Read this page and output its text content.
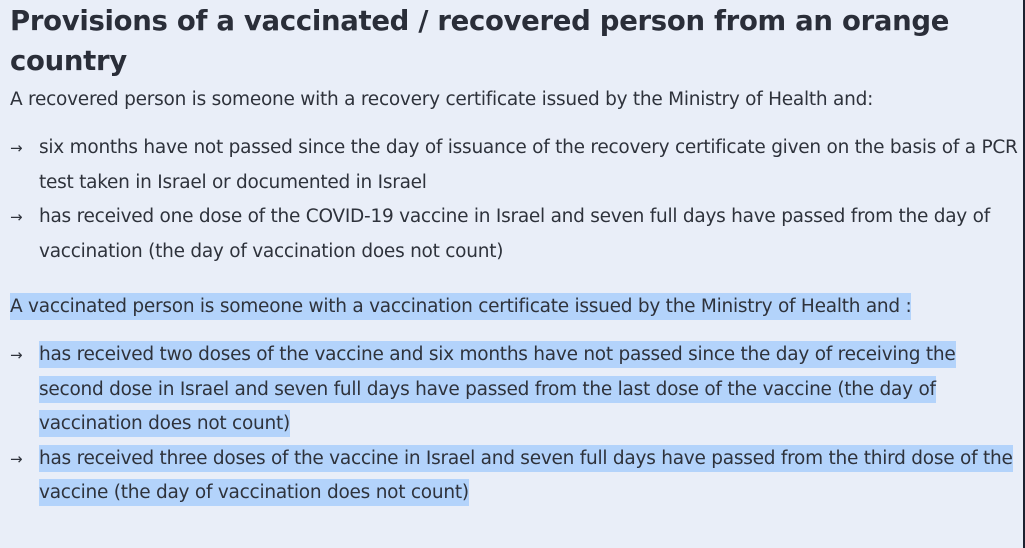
Provisions of a vaccinated / recovered person from an orange country

A recovered person is someone with a recovery certificate issued by the Ministry of Health and:

→ six months have not passed since the day of issuance of the recovery certificate given on the basis of a PCR test taken in Israel or documented in Israel
→ has received one dose of the COVID-19 vaccine in Israel and seven full days have passed from the day of vaccination (the day of vaccination does not count)

A vaccinated person is someone with a vaccination certificate issued by the Ministry of Health and :

→ has received two doses of the vaccine and six months have not passed since the day of receiving the second dose in Israel and seven full days have passed from the last dose of the vaccine (the day of vaccination does not count)
→ has received three doses of the vaccine in Israel and seven full days have passed from the third dose of the vaccine (the day of vaccination does not count)
